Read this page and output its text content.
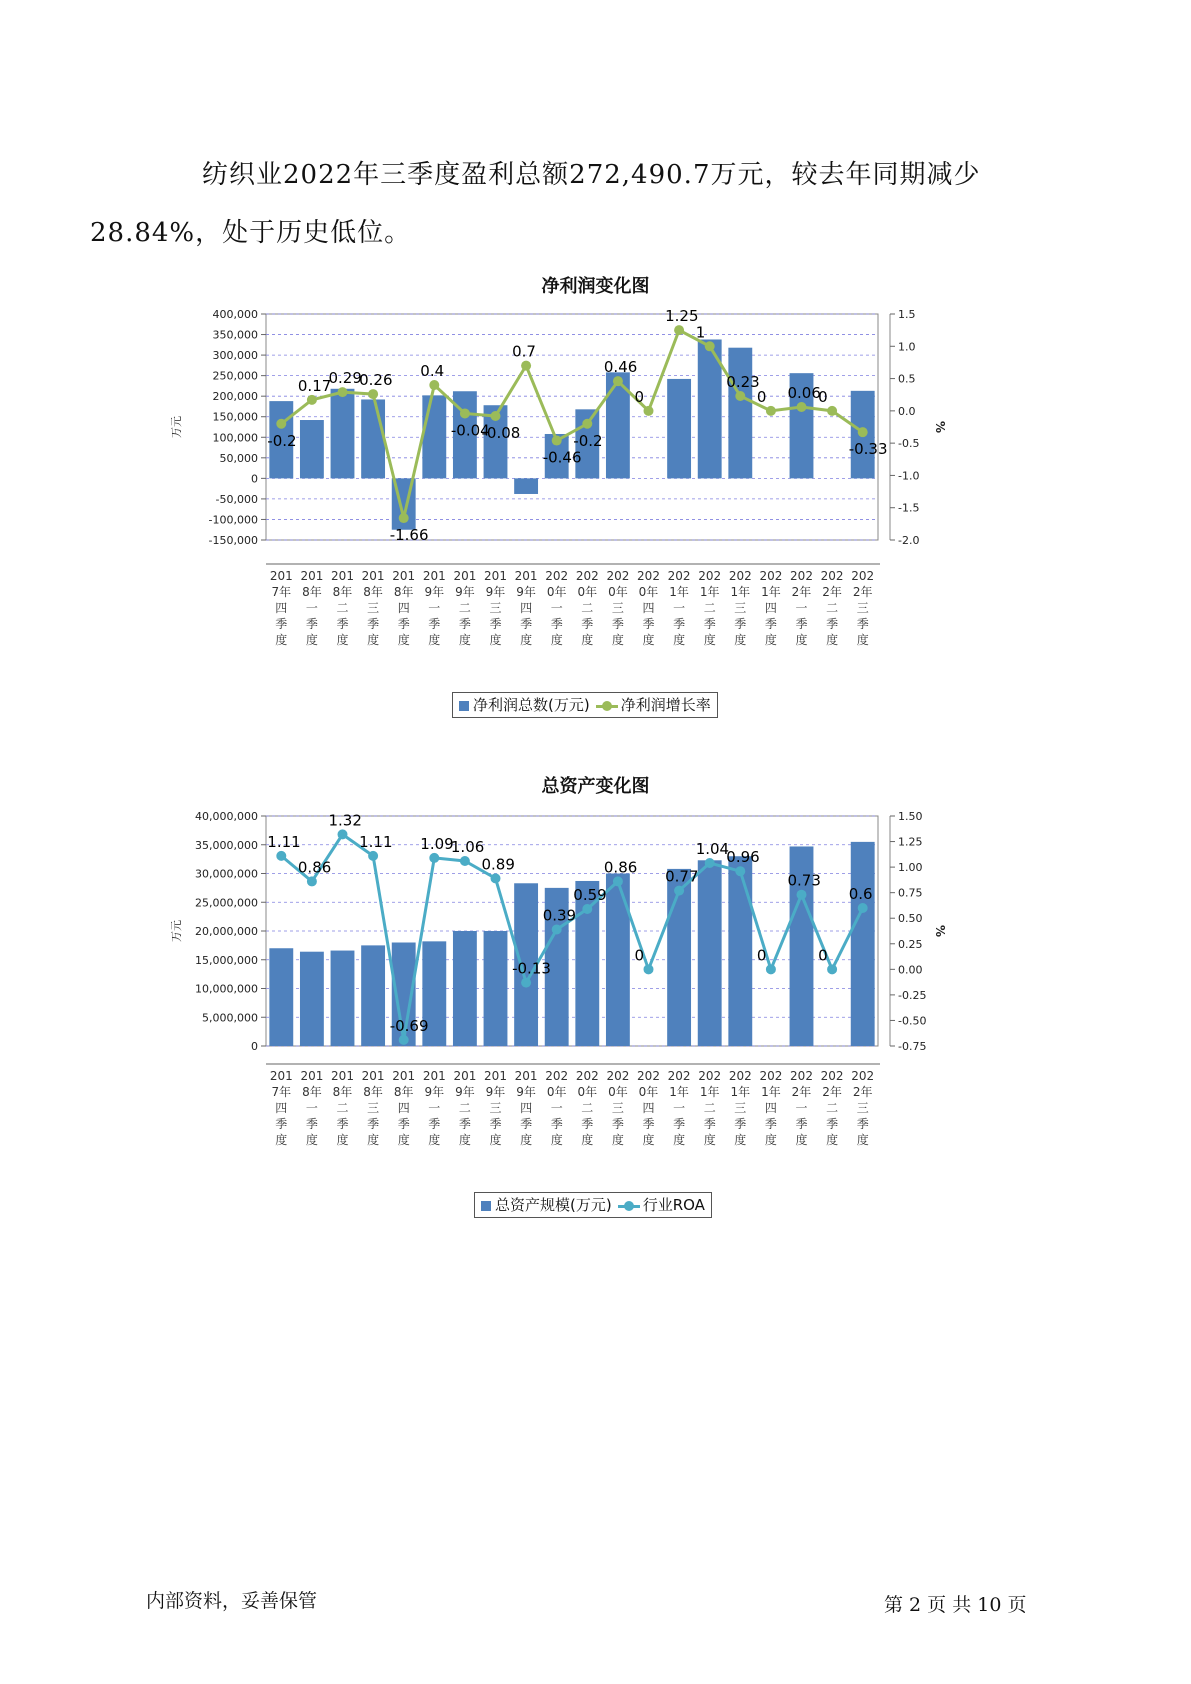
纺织业2022年三季度盈利总额272,490.7万元，较去年同期减少
28.84%，处于历史低位。

净利润变化图
400,000
350,000
300,000
250,000
200,000
150,000
100,000
50,000
0
-50,000
-100,000
-150,000
1.5
1.0
0.5
0.0
-0.5
-1.0
-1.5
-2.0
万元	%
-0.2
0.17
0.29
0.26
-1.66
0.4
-0.04
-0.08
0.7
-0.46
-0.2
0.46
0
1.25
1
0.23
0 0.06
0
-0.33
201
7年
四
季
度
201
8年
一
季
度
201
8年
二
季
度
201
8年
三
季
度
201
8年
四
季
度
201
9年
一
季
度
201
9年
二
季
度
201
9年
三
季
度
201
9年
四
季
度
202
0年
一
季
度
202
0年
二
季
度
202
0年
三
季
度
202
0年
四
季
度
202
1年
一
季
度
202
1年
二
季
度
202
1年
三
季
度
202
1年
四
季
度
202
2年
一
季
度
202
2年
二
季
度
202
2年
三
季
度
净利润总数(万元) 净利润增长率
总资产变化图
40,000,000
35,000,000
30,000,000
25,000,000
20,000,000
15,000,000
10,000,000
5,000,000
0
1.50
1.25
1.00
0.75
0.50
0.25
0.00
-0.25
-0.50
-0.75
万元	%
1.11
0.86
1.32
1.11
-0.69
1.09
1.06
0.89
-0.13
0.39
0.59
0.86
0
0.77
1.04
0.96
0
0.73
0
0.6
201
7年
四
季
度
201
8年
一
季
度
201
8年
二
季
度
201
8年
三
季
度
201
8年
四
季
度
201
9年
一
季
度
201
9年
二
季
度
201
9年
三
季
度
201
9年
四
季
度
202
0年
一
季
度
202
0年
二
季
度
202
0年
三
季
度
202
0年
四
季
度
202
1年
一
季
度
202
1年
二
季
度
202
1年
三
季
度
202
1年
四
季
度
202
2年
一
季
度
202
2年
二
季
度
202
2年
三
季
度
总资产规模(万元) 行业ROA
内部资料，妥善保管	第 2 页 共 10 页
